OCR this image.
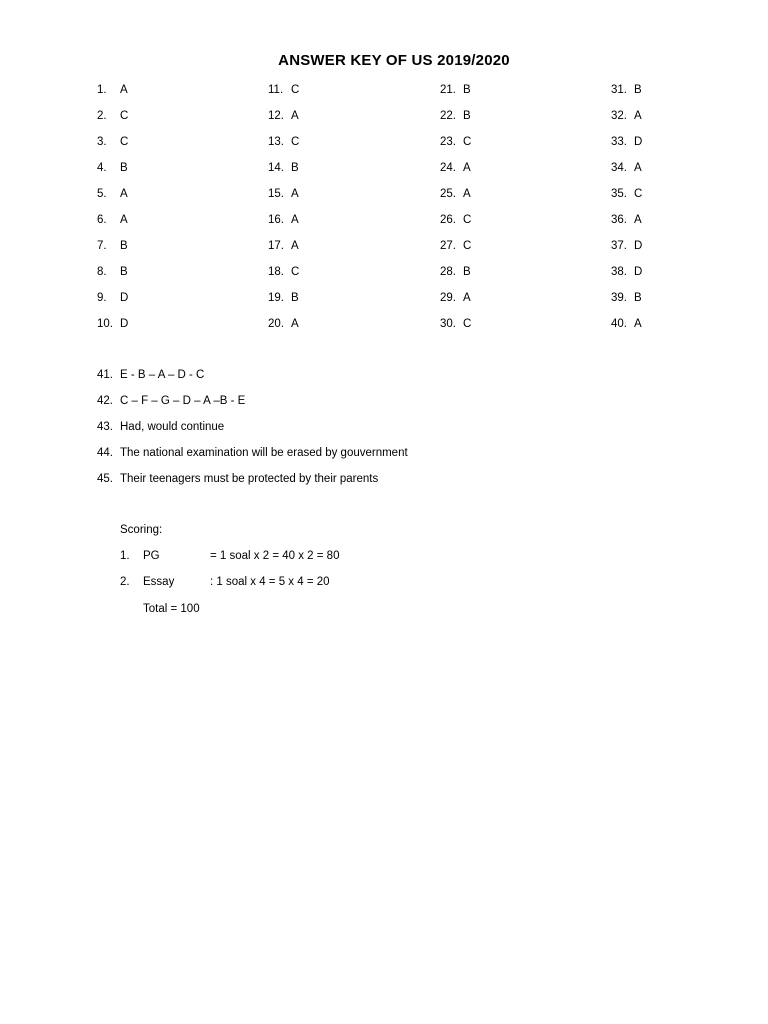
ANSWER KEY OF US 2019/2020
1. A
2. C
3. C
4. B
5. A
6. A
7. B
8. B
9. D
10. D
11. C
12. A
13. C
14. B
15. A
16. A
17. A
18. C
19. B
20. A
21. B
22. B
23. C
24. A
25. A
26. C
27. C
28. B
29. A
30. C
31. B
32. A
33. D
34. A
35. C
36. A
37. D
38. D
39. B
40. A
41. E - B – A – D - C
42. C – F – G – D – A –B - E
43. Had, would continue
44. The national examination will be erased by gouvernment
45. Their teenagers must be protected by their parents
Scoring:
1. PG	= 1 soal x 2 = 40 x 2 = 80
2. Essay	: 1 soal x 4 = 5 x 4 = 20
Total = 100
